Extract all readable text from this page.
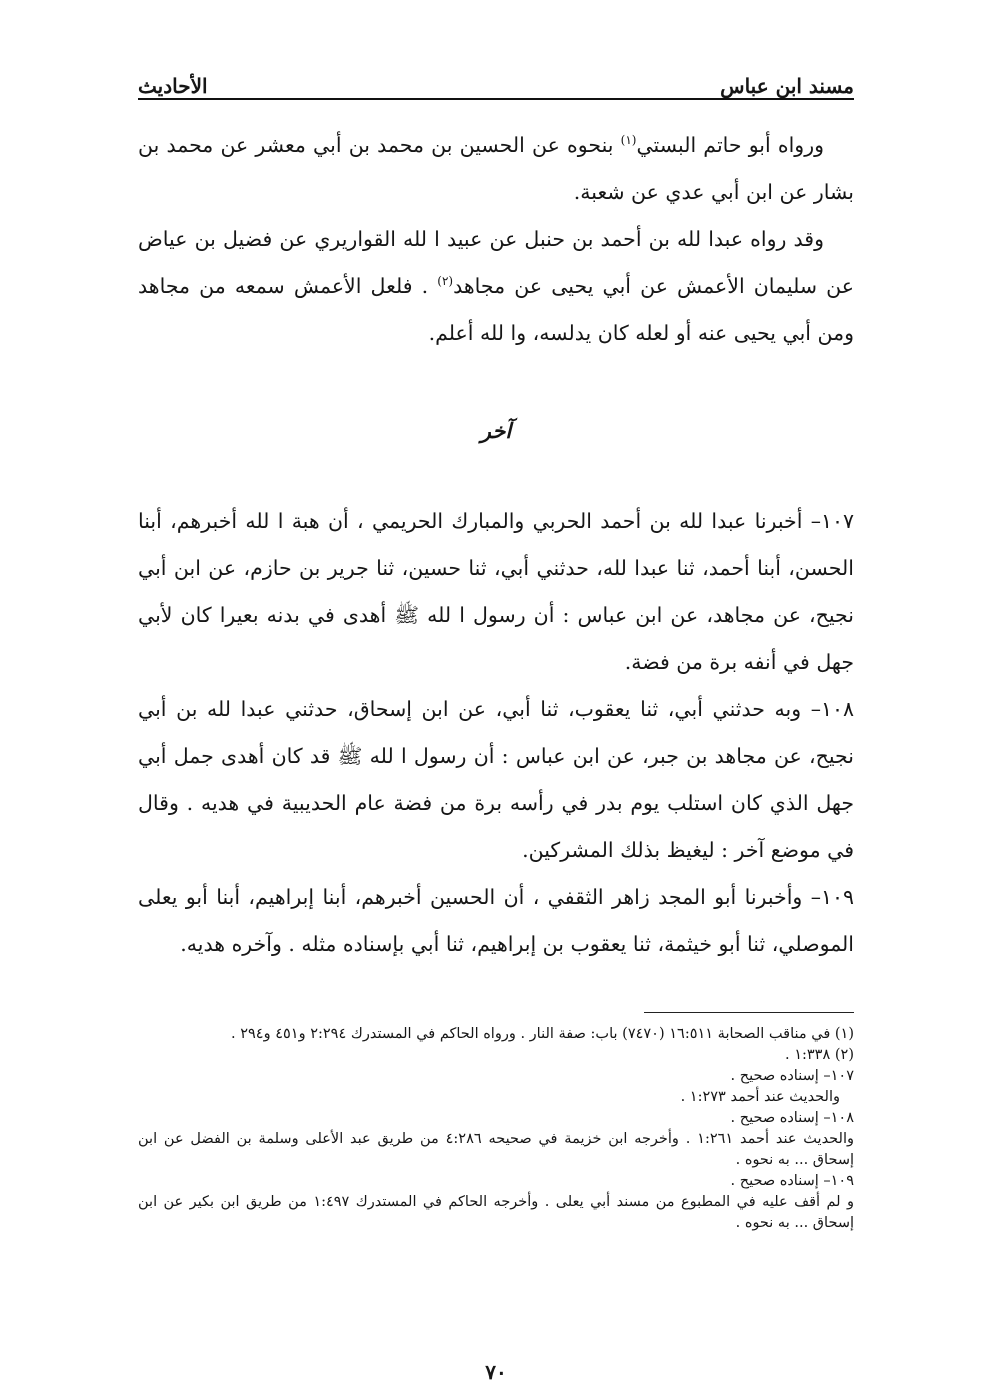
مسند ابن عباس
الأحاديث

ورواه أبو حاتم البستي$^{(١)}$ بنحوه عن الحسين بن محمد بن أبي معشر عن محمد بن بشار عن ابن أبي عدي عن شعبة.

وقد رواه عبدا لله بن أحمد بن حنبل عن عبيد ا لله القواريري عن فضيل بن عياض عن سليمان الأعمش عن أبي يحيى عن مجاهد$^{(٢)}$ . فلعل الأعمش سمعه من مجاهد ومن أبي يحيى عنه أو لعله كان يدلسه، وا لله أعلم.

آخر

١٠٧– أخبرنا عبدا لله بن أحمد الحربي والمبارك الحريمي ، أن هبة ا لله أخبرهم، أبنا الحسن، أبنا أحمد، ثنا عبدا لله، حدثني أبي، ثنا حسين، ثنا جرير بن حازم، عن ابن أبي نجيح، عن مجاهد، عن ابن عباس : أن رسول ا لله ﷺ أهدى في بدنه بعيرا كان لأبي جهل في أنفه برة من فضة.

١٠٨– وبه حدثني أبي، ثنا يعقوب، ثنا أبي، عن ابن إسحاق، حدثني عبدا لله بن أبي نجيح، عن مجاهد بن جبر، عن ابن عباس : أن رسول ا لله ﷺ قد كان أهدى جمل أبي جهل الذي كان استلب يوم بدر في رأسه برة من فضة عام الحديبية في هديه . وقال في موضع آخر : ليغيظ بذلك المشركين.

١٠٩– وأخبرنا أبو المجد زاهر الثقفي ، أن الحسين أخبرهم، أبنا إبراهيم، أبنا أبو يعلى الموصلي، ثنا أبو خيثمة، ثنا يعقوب بن إبراهيم، ثنا أبي بإسناده مثله . وآخره هديه.

(١) في مناقب الصحابة ١٦:٥١١ (٧٤٧٠) باب: صفة النار . ورواه الحاكم في المستدرك ٢:٢٩٤ و٤٥١ و٢٩٤ .

(٢) ١:٣٣٨ .

١٠٧– إسناده صحيح .

والحديث عند أحمد ١:٢٧٣ .

١٠٨– إسناده صحيح .

والحديث عند أحمد ١:٢٦١ . وأخرجه ابن خزيمة في صحيحه ٤:٢٨٦ من طريق عبد الأعلى وسلمة بن الفضل عن ابن إسحاق ... به نحوه .

١٠٩– إسناده صحيح .

و لم أقف عليه في المطبوع من مسند أبي يعلى . وأخرجه الحاكم في المستدرك ١:٤٩٧ من طريق ابن بكير عن ابن إسحاق ... به نحوه .

٧٠
